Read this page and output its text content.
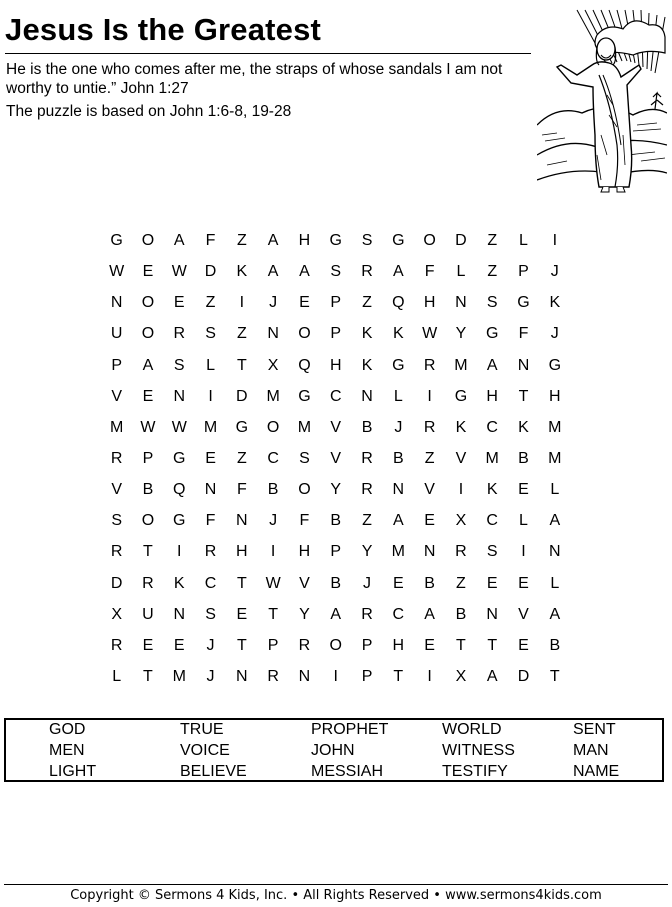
Jesus Is the Greatest
He is the one who comes after me, the straps of whose sandals I am not worthy to untie.” John 1:27
The puzzle is based on John 1:6-8, 19-28
G	O	A	F	Z	A	H	G	S	G	O	D	Z	L	I
W	E	W	D	K	A	A	S	R	A	F	L	Z	P	J
N	O	E	Z	I	J	E	P	Z	Q	H	N	S	G	K
U	O	R	S	Z	N	O	P	K	K	W	Y	G	F	J
P	A	S	L	T	X	Q	H	K	G	R	M	A	N	G
V	E	N	I	D	M	G	C	N	L	I	G	H	T	H
M	W	W	M	G	O	M	V	B	J	R	K	C	K	M
R	P	G	E	Z	C	S	V	R	B	Z	V	M	B	M
V	B	Q	N	F	B	O	Y	R	N	V	I	K	E	L
S	O	G	F	N	J	F	B	Z	A	E	X	C	L	A
R	T	I	R	H	I	H	P	Y	M	N	R	S	I	N
D	R	K	C	T	W	V	B	J	E	B	Z	E	E	L
X	U	N	S	E	T	Y	A	R	C	A	B	N	V	A
R	E	E	J	T	P	R	O	P	H	E	T	T	E	B
L	T	M	J	N	R	N	I	P	T	I	X	A	D	T
GOD	TRUE	PROPHET	WORLD	SENT
MEN	VOICE	JOHN	WITNESS	MAN
LIGHT	BELIEVE	MESSIAH	TESTIFY	NAME
Copyright © Sermons 4 Kids, Inc. • All Rights Reserved • www.sermons4kids.com
